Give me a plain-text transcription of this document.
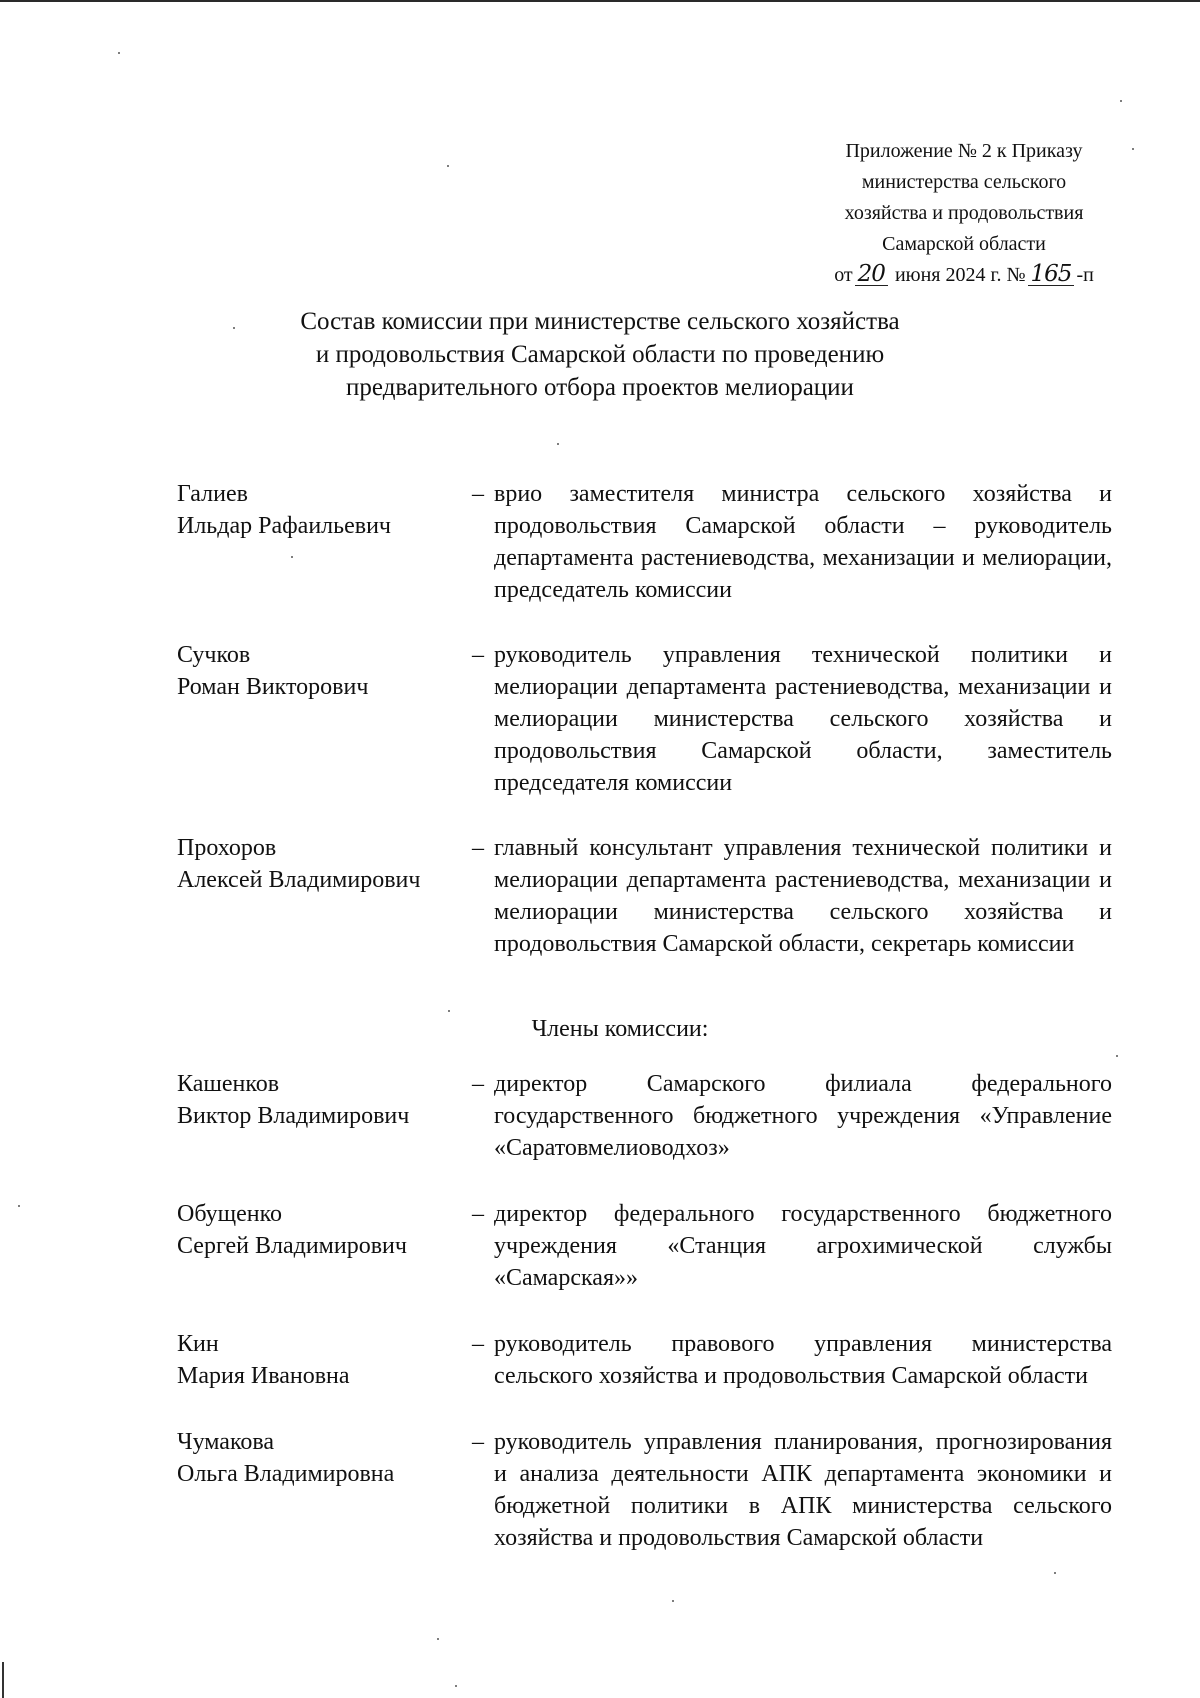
Приложение № 2 к Приказу
министерства сельского
хозяйства и продовольствия
Самарской области
от 20 июня 2024 г. № 165 -п
Состав комиссии при министерстве сельского хозяйства
и продовольствия Самарской области по проведению
предварительного отбора проектов мелиорации
Галиев
Ильдар Рафаильевич
– врио заместителя министра сельского хозяйства и продовольствия Самарской области – руководитель департамента растениеводства, механизации и мелиорации, председатель комиссии
Сучков
Роман Викторович
– руководитель управления технической политики и мелиорации департамента растениеводства, механизации и мелиорации министерства сельского хозяйства и продовольствия Самарской области, заместитель председателя комиссии
Прохоров
Алексей Владимирович
– главный консультант управления технической политики и мелиорации департамента растениеводства, механизации и мелиорации министерства сельского хозяйства и продовольствия Самарской области, секретарь комиссии
Члены комиссии:
Кашенков
Виктор Владимирович
– директор Самарского филиала федерального государственного бюджетного учреждения «Управление «Саратовмелиоводхоз»
Обущенко
Сергей Владимирович
– директор федерального государственного бюджетного учреждения «Станция агрохимической службы «Самарская»»
Кин
Мария Ивановна
– руководитель правового управления министерства сельского хозяйства и продовольствия Самарской области
Чумакова
Ольга Владимировна
– руководитель управления планирования, прогнозирования и анализа деятельности АПК департамента экономики и бюджетной политики в АПК министерства сельского хозяйства и продовольствия Самарской области
